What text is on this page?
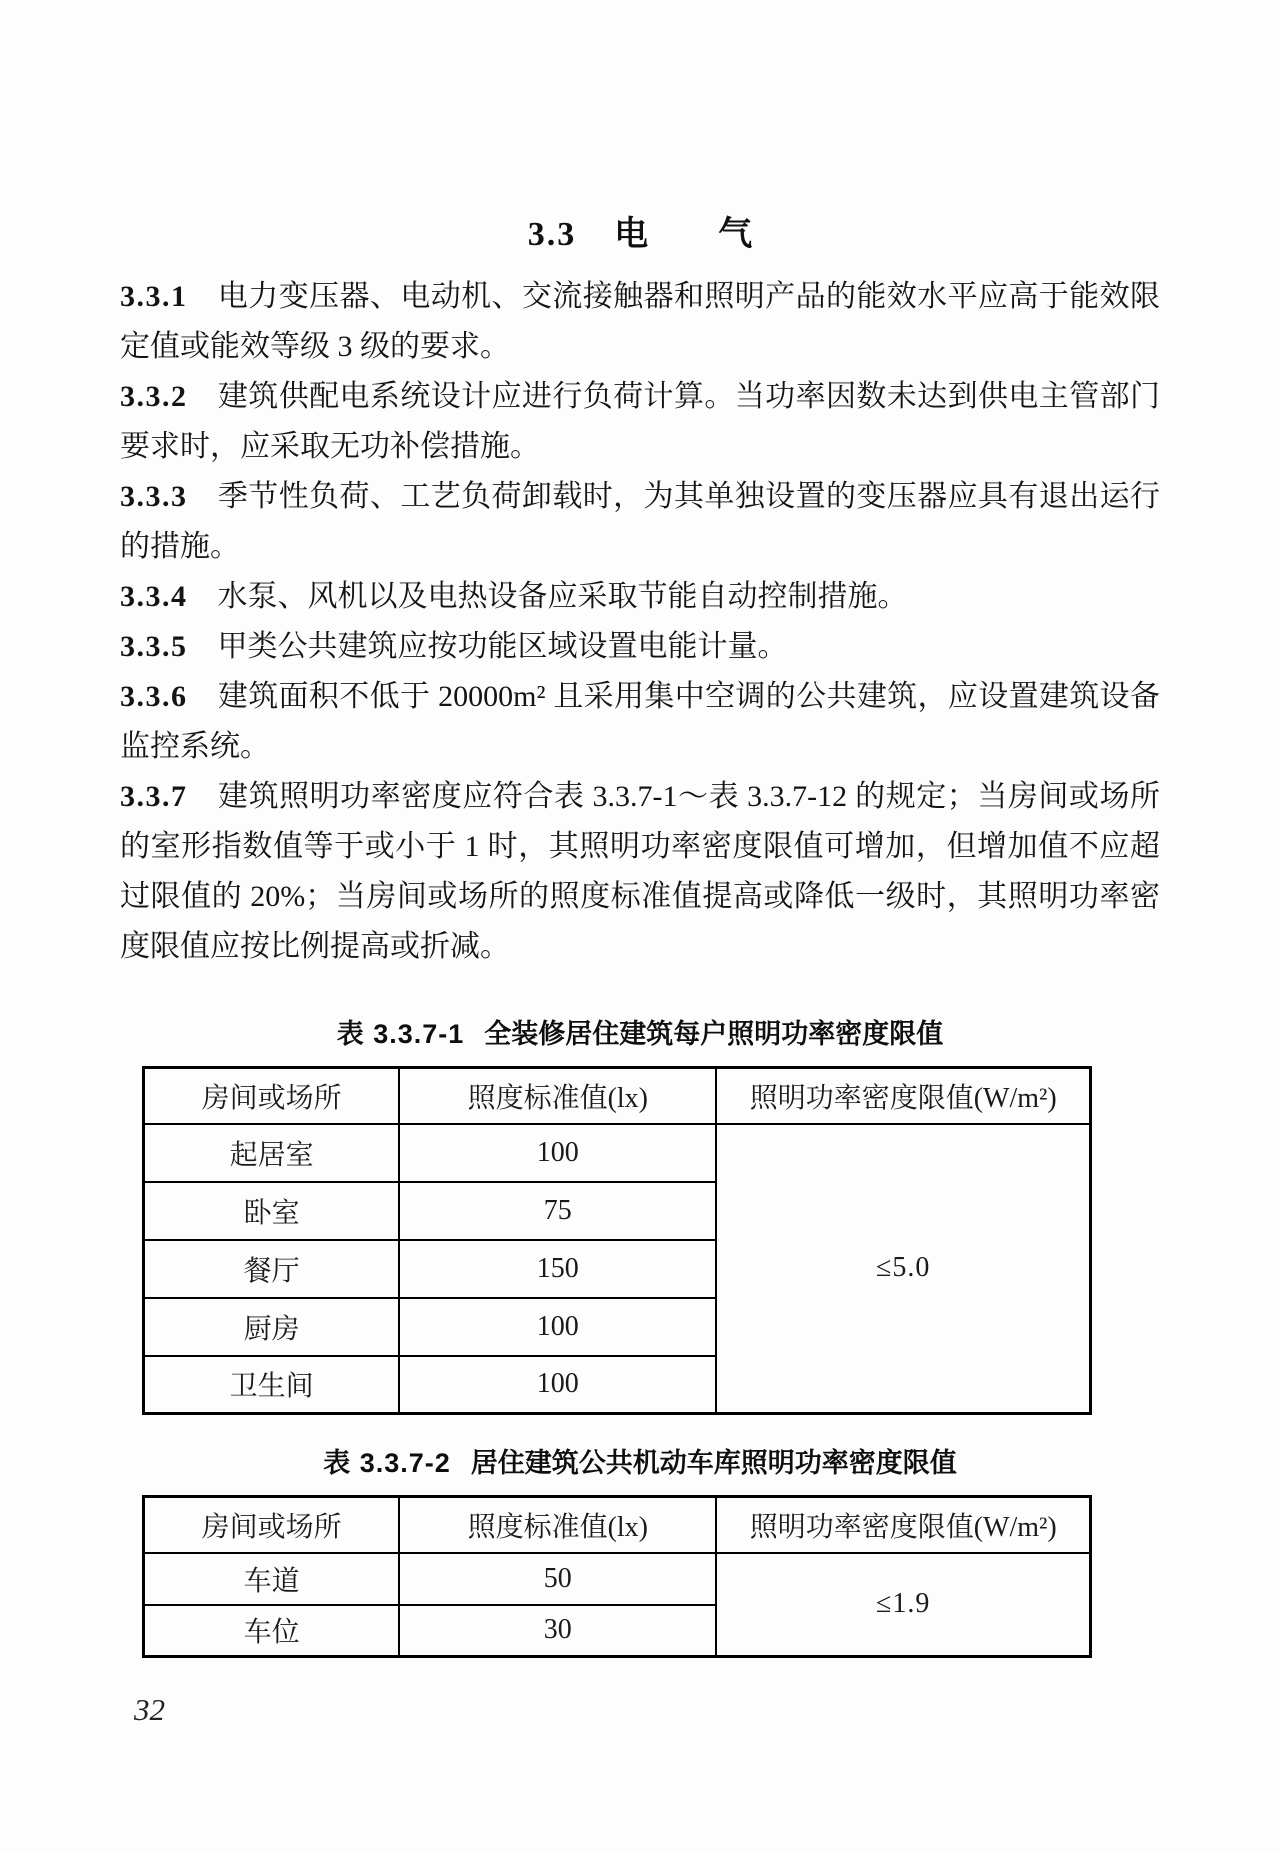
3.3 电 气

3.3.1 电力变压器、电动机、交流接触器和照明产品的能效水平应高于能效限定值或能效等级 3 级的要求。

3.3.2 建筑供配电系统设计应进行负荷计算。当功率因数未达到供电主管部门要求时，应采取无功补偿措施。

3.3.3 季节性负荷、工艺负荷卸载时，为其单独设置的变压器应具有退出运行的措施。

3.3.4 水泵、风机以及电热设备应采取节能自动控制措施。

3.3.5 甲类公共建筑应按功能区域设置电能计量。

3.3.6 建筑面积不低于 20000m² 且采用集中空调的公共建筑，应设置建筑设备监控系统。

3.3.7 建筑照明功率密度应符合表 3.3.7-1～表 3.3.7-12 的规定；当房间或场所的室形指数值等于或小于 1 时，其照明功率密度限值可增加，但增加值不应超过限值的 20%；当房间或场所的照度标准值提高或降低一级时，其照明功率密度限值应按比例提高或折减。

表 3.3.7-1 全装修居住建筑每户照明功率密度限值
房间或场所	照度标准值(lx)	照明功率密度限值(W/m²)
起居室	100	≤5.0
卧室	75	
餐厅	150	
厨房	100	
卫生间	100	
表 3.3.7-2 居住建筑公共机动车库照明功率密度限值
房间或场所	照度标准值(lx)	照明功率密度限值(W/m²)
车道	50	≤1.9
车位	30	
32
